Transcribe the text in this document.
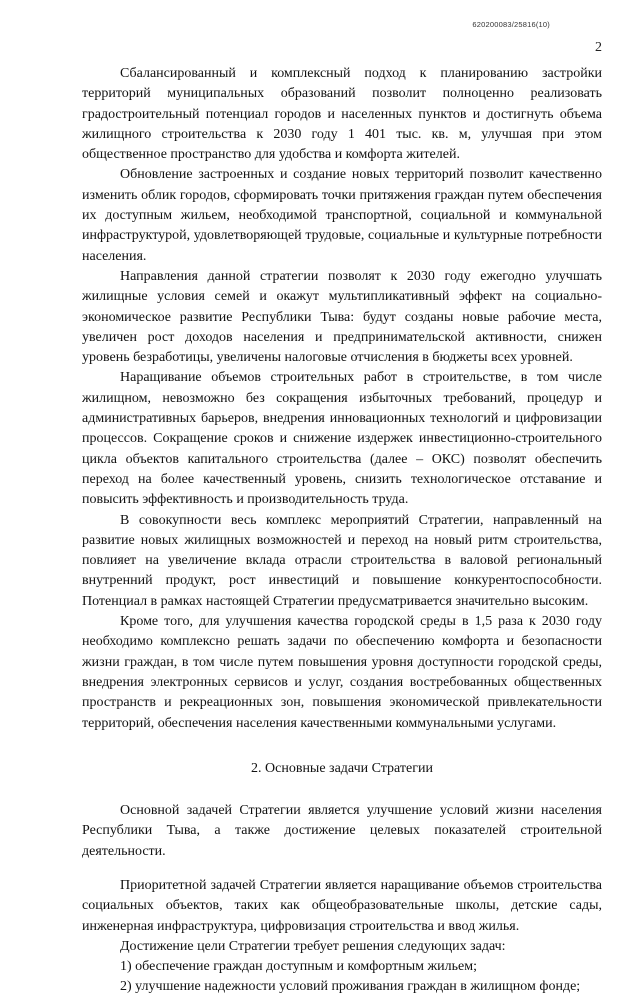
620200083/25816(10)
2

Сбалансированный и комплексный подход к планированию застройки территорий муниципальных образований позволит полноценно реализовать градостроительный потенциал городов и населенных пунктов и достигнуть объема жилищного строительства к 2030 году 1 401 тыс. кв. м, улучшая при этом общественное пространство для удобства и комфорта жителей.

Обновление застроенных и создание новых территорий позволит качественно изменить облик городов, сформировать точки притяжения граждан путем обеспечения их доступным жильем, необходимой транспортной, социальной и коммунальной инфраструктурой, удовлетворяющей трудовые, социальные и культурные потребности населения.

Направления данной стратегии позволят к 2030 году ежегодно улучшать жилищные условия семей и окажут мультипликативный эффект на социально-экономическое развитие Республики Тыва: будут созданы новые рабочие места, увеличен рост доходов населения и предпринимательской активности, снижен уровень безработицы, увеличены налоговые отчисления в бюджеты всех уровней.

Наращивание объемов строительных работ в строительстве, в том числе жилищном, невозможно без сокращения избыточных требований, процедур и административных барьеров, внедрения инновационных технологий и цифровизации процессов. Сокращение сроков и снижение издержек инвестиционно-строительного цикла объектов капитального строительства (далее – ОКС) позволят обеспечить переход на более качественный уровень, снизить технологическое отставание и повысить эффективность и производительность труда.

В совокупности весь комплекс мероприятий Стратегии, направленный на развитие новых жилищных возможностей и переход на новый ритм строительства, повлияет на увеличение вклада отрасли строительства в валовой региональный внутренний продукт, рост инвестиций и повышение конкурентоспособности. Потенциал в рамках настоящей Стратегии предусматривается значительно высоким.

Кроме того, для улучшения качества городской среды в 1,5 раза к 2030 году необходимо комплексно решать задачи по обеспечению комфорта и безопасности жизни граждан, в том числе путем повышения уровня доступности городской среды, внедрения электронных сервисов и услуг, создания востребованных общественных пространств и рекреационных зон, повышения экономической привлекательности территорий, обеспечения населения качественными коммунальными услугами.

2. Основные задачи Стратегии

Основной задачей Стратегии является улучшение условий жизни населения Республики Тыва, а также достижение целевых показателей строительной деятельности.

Приоритетной задачей Стратегии является наращивание объемов строительства социальных объектов, таких как общеобразовательные школы, детские сады, инженерная инфраструктура, цифровизация строительства и ввод жилья.

Достижение цели Стратегии требует решения следующих задач:

1) обеспечение граждан доступным и комфортным жильем;

2) улучшение надежности условий проживания граждан в жилищном фонде;
